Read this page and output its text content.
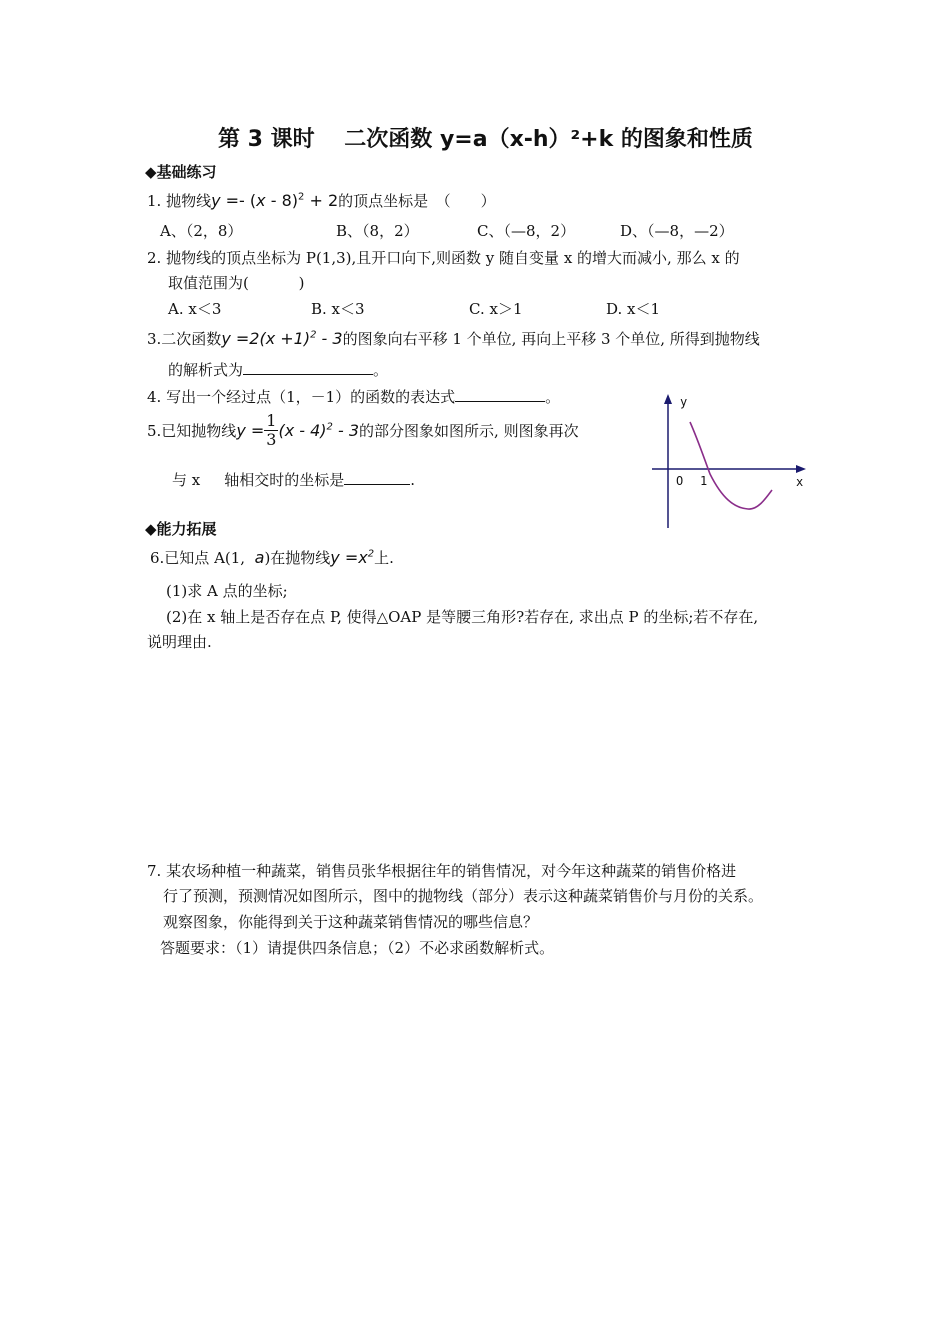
第 3 课时　 二次函数 y=a（x-h）²+k 的图象和性质
◆基础练习
1. 抛物线y =- (x - 8)$^2$ + 2的顶点坐标是　（　　）
A、（2，8）	B、（8，2）	C、（—8，2）	D、（—8，—2）
2. 抛物线的顶点坐标为 P(1,3),且开口向下,则函数 y 随自变量 x 的增大而减小, 那么 x 的
取值范围为(　　　 )
A. x＜3	B. x＜3	C. x＞1	D. x＜1
3.二次函数$y =2(x +1)^2 - 3$的图象向右平移 1 个单位, 再向上平移 3 个单位, 所得到抛物线
的解析式为	。
4. 写出一个经过点（1，－1）的函数的表达式	。
5.已知抛物线$y = \frac{1}{3} (x - 4)^2 - 3$的部分图象如图所示, 则图象再次
与 x 轴相交时的坐标是	.
y
x
O 1
◆能力拓展
6.已知点 A(1, a)在抛物线$y =x^2$上.
(1)求 A 点的坐标;
(2)在 x 轴上是否存在点 P, 使得△OAP 是等腰三角形?若存在, 求出点 P 的坐标;若不存在,
说明理由.
7. 某农场种植一种蔬菜，销售员张华根据往年的销售情况，对今年这种蔬菜的销售价格进
行了预测，预测情况如图所示，图中的抛物线（部分）表示这种蔬菜销售价与月份的关系。
观察图象，你能得到关于这种蔬菜销售情况的哪些信息？
答题要求：（1）请提供四条信息；（2）不必求函数解析式。
